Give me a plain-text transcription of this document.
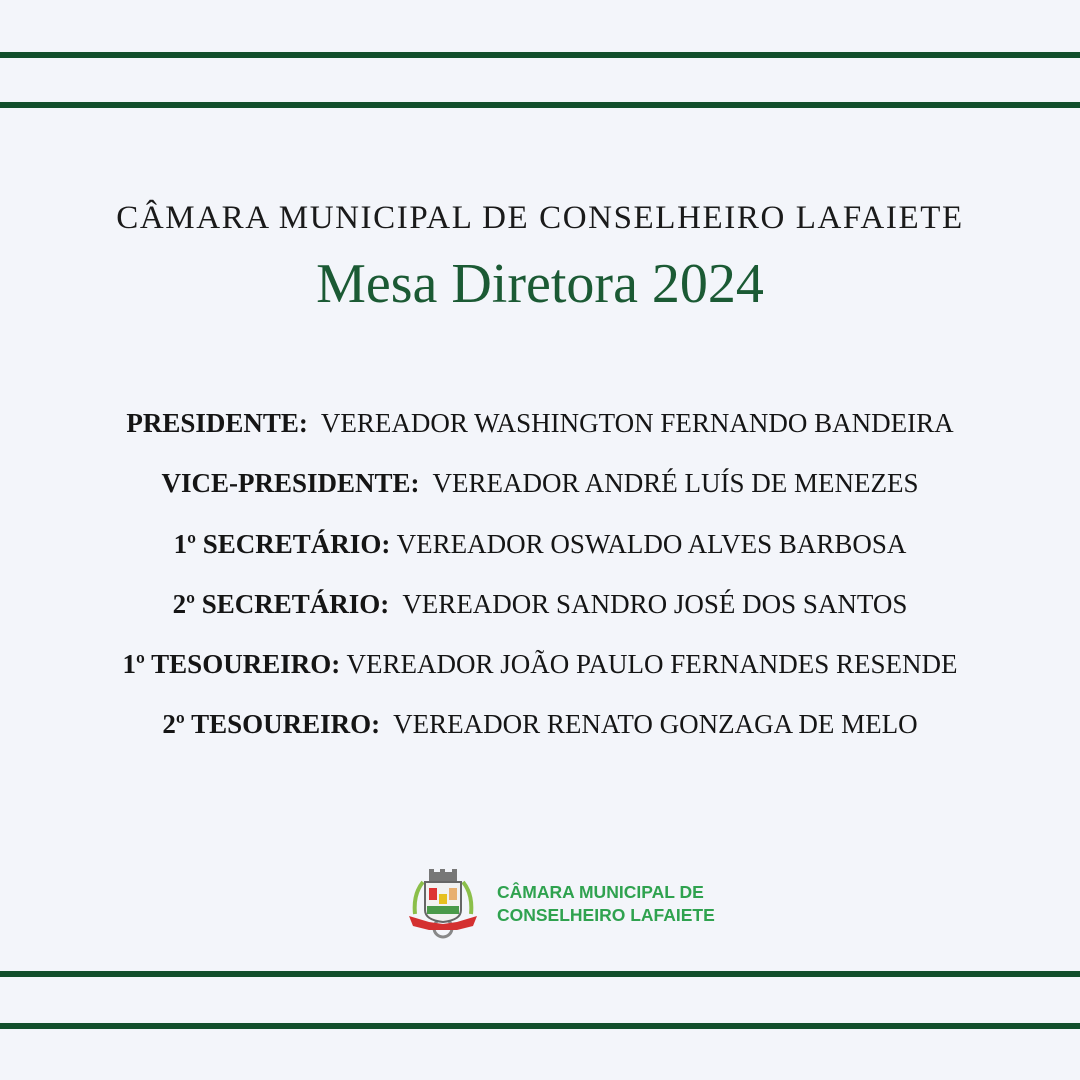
CÂMARA MUNICIPAL DE CONSELHEIRO LAFAIETE
Mesa Diretora 2024
PRESIDENTE: VEREADOR WASHINGTON FERNANDO BANDEIRA
VICE-PRESIDENTE: VEREADOR ANDRÉ LUÍS DE MENEZES
1º SECRETÁRIO: VEREADOR OSWALDO ALVES BARBOSA
2º SECRETÁRIO: VEREADOR SANDRO JOSÉ DOS SANTOS
1º TESOUREIRO: VEREADOR JOÃO PAULO FERNANDES RESENDE
2º TESOUREIRO: VEREADOR RENATO GONZAGA DE MELO
CÂMARA MUNICIPAL DE
CONSELHEIRO LAFAIETE
